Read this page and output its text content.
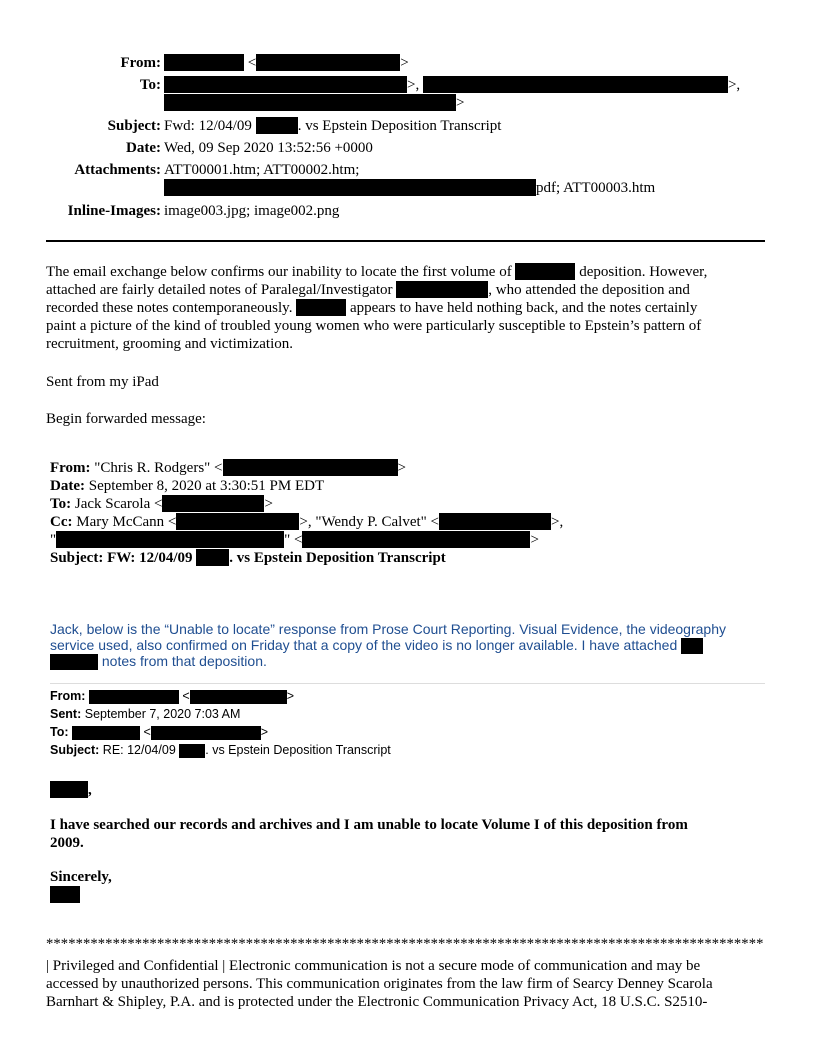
From:	<	>
To:	>,	>,
>
Subject: Fwd: 12/04/09	. vs Epstein Deposition Transcript
Date: Wed, 09 Sep 2020 13:52:56 +0000
Attachments: ATT00001.htm; ATT00002.htm;
pdf; ATT00003.htm
Inline-Images: image003.jpg; image002.png
The email exchange below confirms our inability to locate the first volume of	deposition. However,
attached are fairly detailed notes of Paralegal/Investigator	, who attended the deposition and
recorded these notes contemporaneously.	appears to have held nothing back, and the notes certainly
paint a picture of the kind of troubled young women who were particularly susceptible to Epstein’s pattern of
recruitment, grooming and victimization.
Sent from my iPad
Begin forwarded message:
From: "Chris R. Rodgers" <	>
Date: September 8, 2020 at 3:30:51 PM EDT
To: Jack Scarola <	>
Cc: Mary McCann <	>, "Wendy P. Calvet" <	>,
"	" <	>
Subject: FW: 12/04/09 . vs Epstein Deposition Transcript
Jack, below is the “Unable to locate” response from Prose Court Reporting. Visual Evidence, the videography
service used, also confirmed on Friday that a copy of the video is no longer available. I have attached
notes from that deposition.
From:	<	>
Sent: September 7, 2020 7:03 AM
To:	<	>
Subject: RE: 12/04/09 . vs Epstein Deposition Transcript
,
I have searched our records and archives and I am unable to locate Volume I of this deposition from
2009.
Sincerely,
*************************************************************************************************
| Privileged and Confidential | Electronic communication is not a secure mode of communication and may be
accessed by unauthorized persons. This communication originates from the law firm of Searcy Denney Scarola
Barnhart & Shipley, P.A. and is protected under the Electronic Communication Privacy Act, 18 U.S.C. S2510-
